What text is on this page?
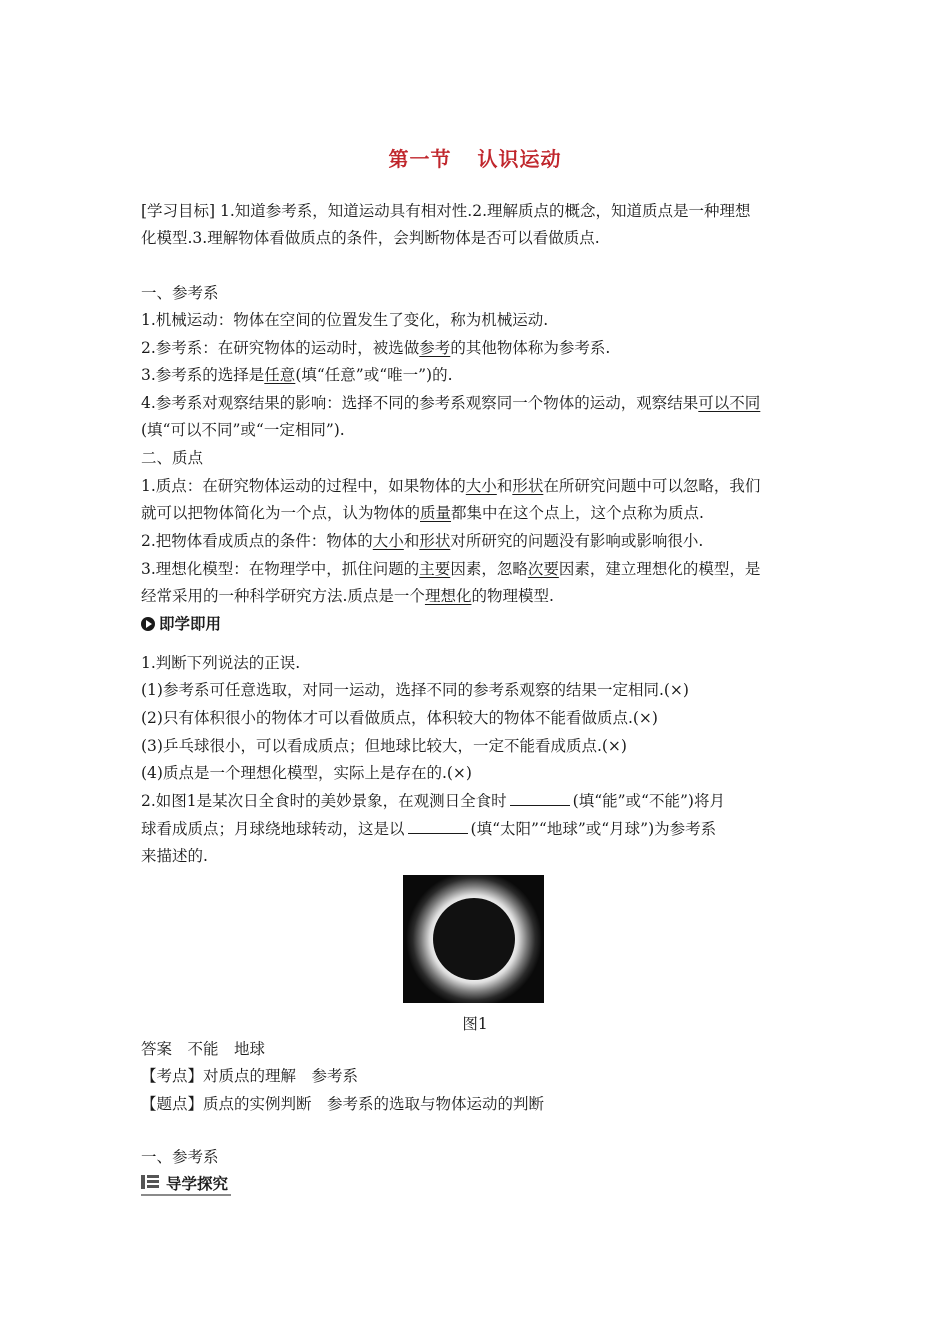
第一节 认识运动
[学习目标] 1.知道参考系，知道运动具有相对性.2.理解质点的概念，知道质点是一种理想
化模型.3.理解物体看做质点的条件，会判断物体是否可以看做质点.
一、参考系
1.机械运动：物体在空间的位置发生了变化，称为机械运动.
2.参考系：在研究物体的运动时，被选做参考的其他物体称为参考系.
3.参考系的选择是任意(填“任意”或“唯一”)的.
4.参考系对观察结果的影响：选择不同的参考系观察同一个物体的运动，观察结果可以不同
(填“可以不同”或“一定相同”).
二、质点
1.质点：在研究物体运动的过程中，如果物体的大小和形状在所研究问题中可以忽略，我们
就可以把物体简化为一个点，认为物体的质量都集中在这个点上，这个点称为质点.
2.把物体看成质点的条件：物体的大小和形状对所研究的问题没有影响或影响很小.
3.理想化模型：在物理学中，抓住问题的主要因素，忽略次要因素，建立理想化的模型，是
经常采用的一种科学研究方法.质点是一个理想化的物理模型.
即学即用
1.判断下列说法的正误.
(1)参考系可任意选取，对同一运动，选择不同的参考系观察的结果一定相同.(×)
(2)只有体积很小的物体才可以看做质点，体积较大的物体不能看做质点.(×)
(3)乒乓球很小，可以看成质点；但地球比较大，一定不能看成质点.(×)
(4)质点是一个理想化模型，实际上是存在的.(×)
2.如图1是某次日全食时的美妙景象，在观测日全食时	(填“能”或“不能”)将月
球看成质点；月球绕地球转动，这是以	(填“太阳”“地球”或“月球”)为参考系
来描述的.
图1
答案　不能　地球
【考点】对质点的理解　参考系
【题点】质点的实例判断　参考系的选取与物体运动的判断
一、参考系
导学探究
